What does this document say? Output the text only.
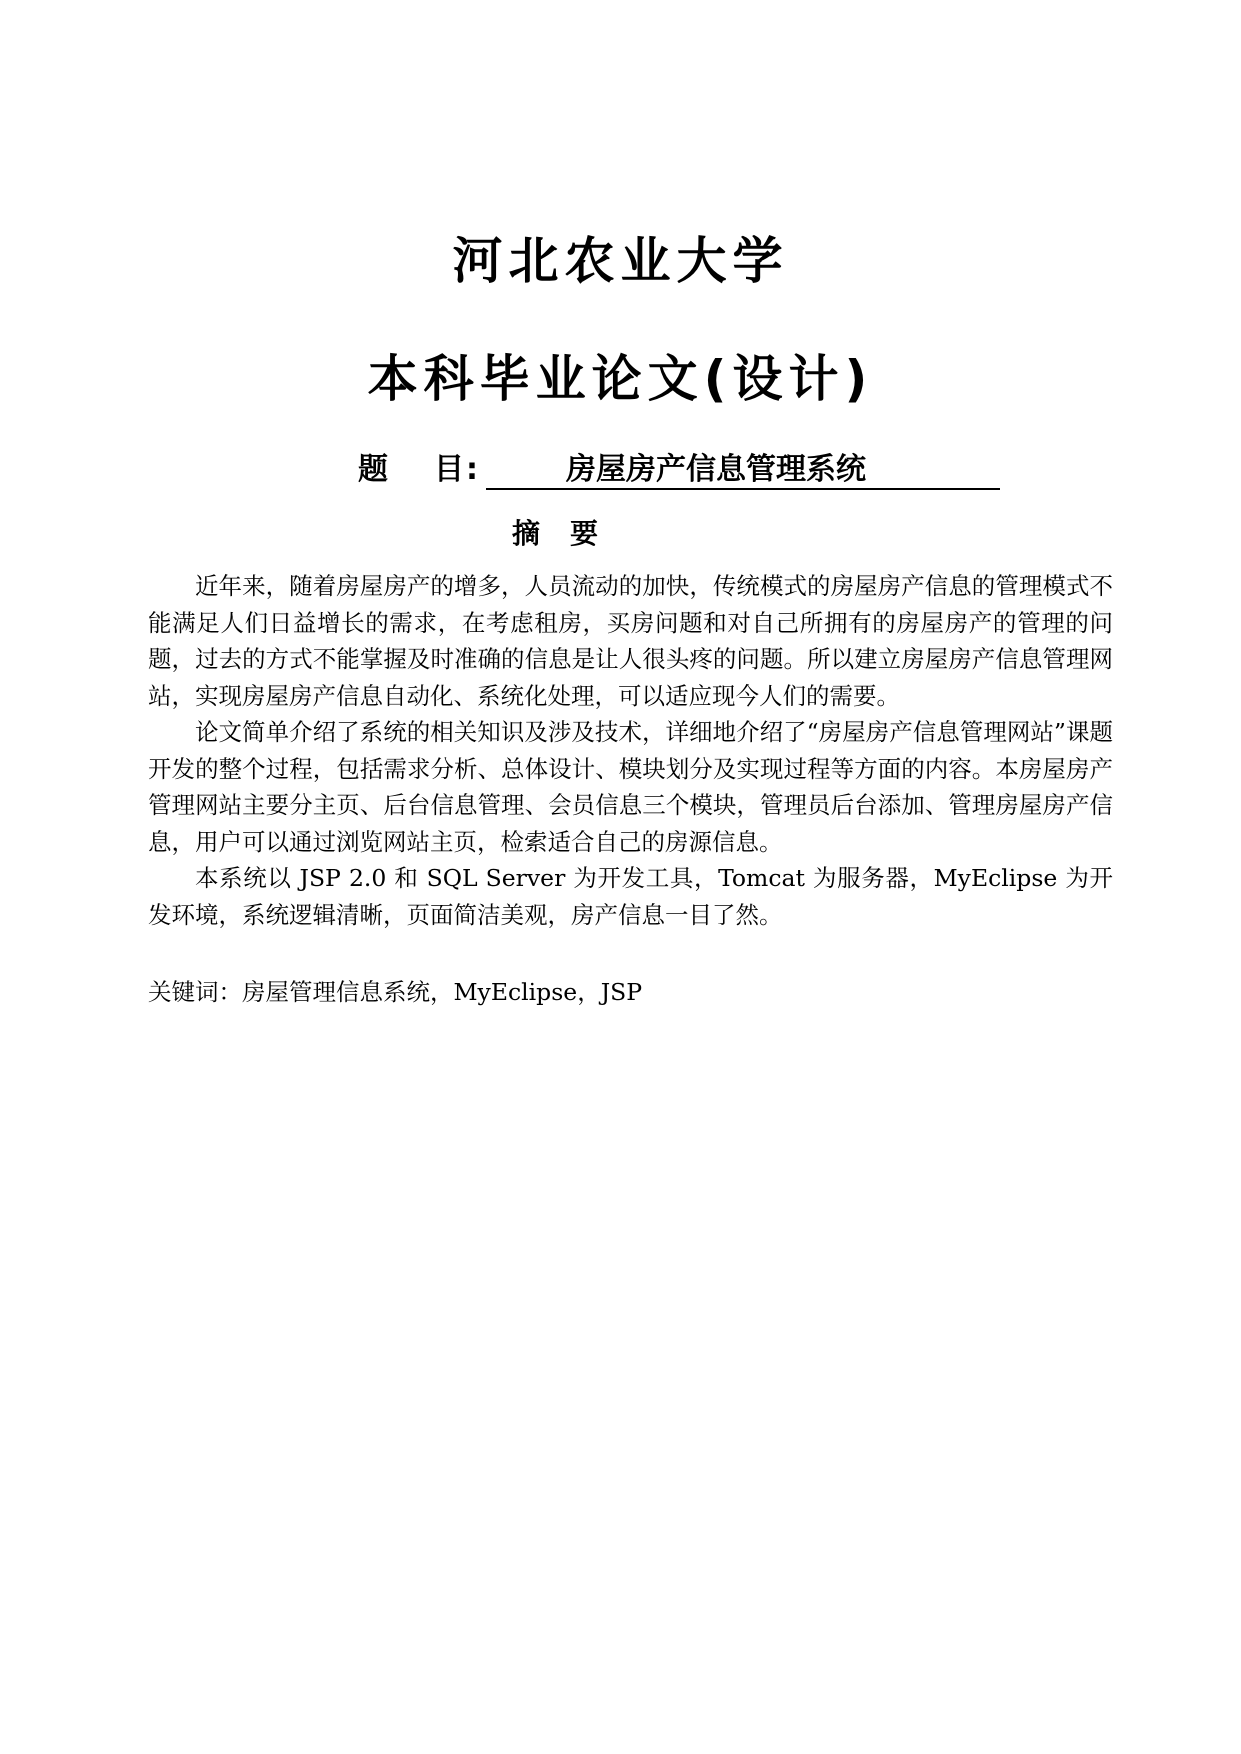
河北农业大学
本科毕业论文(设计)
题 目:	房屋房产信息管理系统
摘 要

近年来，随着房屋房产的增多，人员流动的加快，传统模式的房屋房产信息的管理模式不能满足人们日益增长的需求，在考虑租房，买房问题和对自己所拥有的房屋房产的管理的问题，过去的方式不能掌握及时准确的信息是让人很头疼的问题。所以建立房屋房产信息管理网站，实现房屋房产信息自动化、系统化处理，可以适应现今人们的需要。

论文简单介绍了系统的相关知识及涉及技术，详细地介绍了“房屋房产信息管理网站”课题开发的整个过程，包括需求分析、总体设计、模块划分及实现过程等方面的内容。本房屋房产管理网站主要分主页、后台信息管理、会员信息三个模块，管理员后台添加、管理房屋房产信息，用户可以通过浏览网站主页，检索适合自己的房源信息。

本系统以 JSP 2.0 和 SQL Server 为开发工具，Tomcat 为服务器，MyEclipse 为开发环境，系统逻辑清晰，页面简洁美观，房产信息一目了然。

关键词：房屋管理信息系统，MyEclipse，JSP
